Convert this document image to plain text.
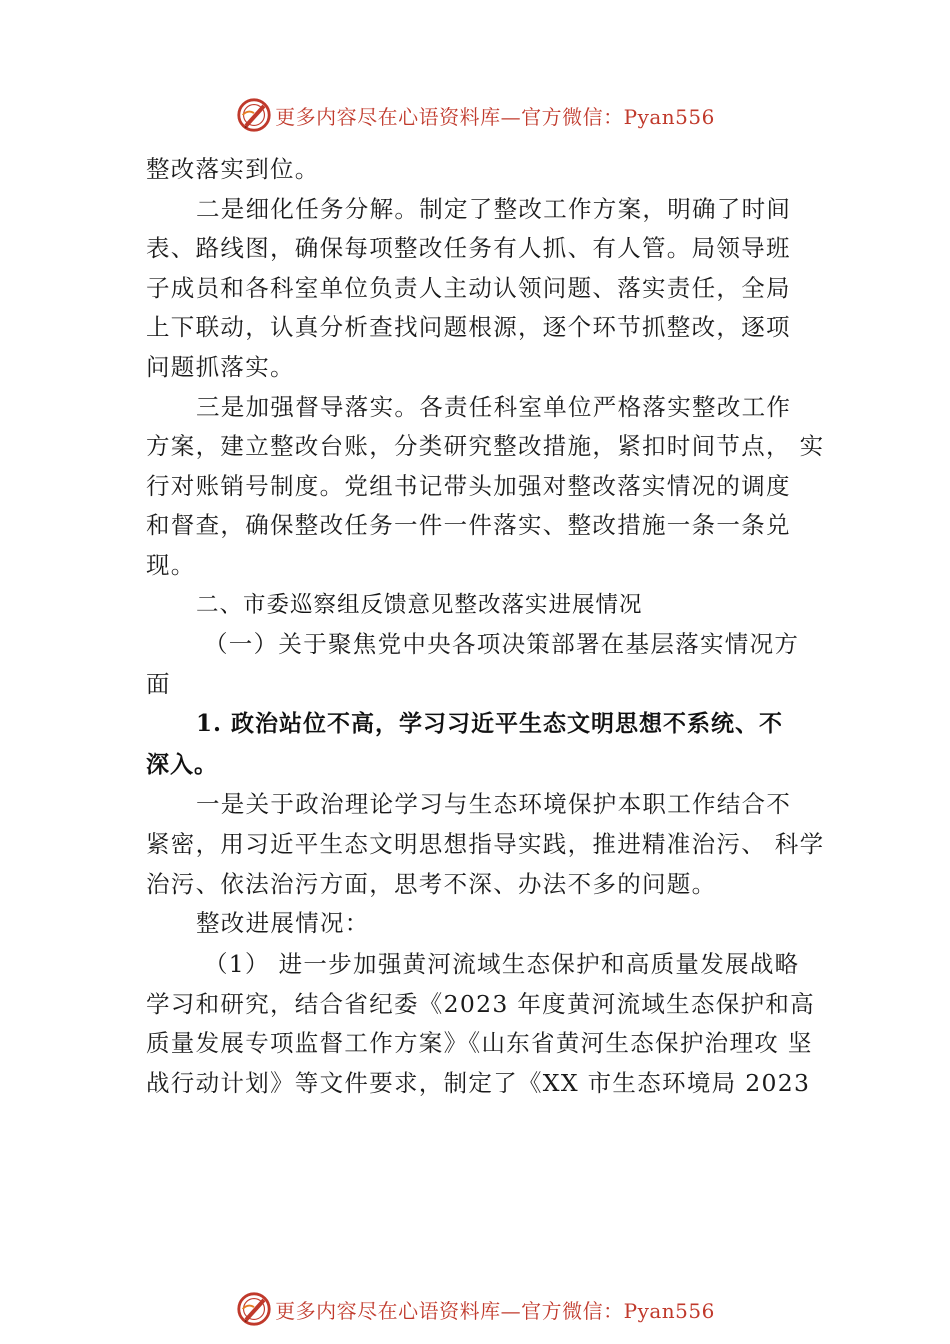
更多内容尽在心语资料库—官方微信：Pyan556
整改落实到位。
二是细化任务分解。制定了整改工作方案，明确了时间
表、路线图，确保每项整改任务有人抓、有人管。局领导班
子成员和各科室单位负责人主动认领问题、落实责任，全局
上下联动，认真分析查找问题根源，逐个环节抓整改，逐项
问题抓落实。
三是加强督导落实。各责任科室单位严格落实整改工作
方案，建立整改台账，分类研究整改措施，紧扣时间节点， 实
行对账销号制度。党组书记带头加强对整改落实情况的调度
和督查，确保整改任务一件一件落实、整改措施一条一条兑
现。
二、市委巡察组反馈意见整改落实进展情况
（一）关于聚焦党中央各项决策部署在基层落实情况方
面
1. 政治站位不高，学习习近平生态文明思想不系统、不
深入。
一是关于政治理论学习与生态环境保护本职工作结合不
紧密，用习近平生态文明思想指导实践，推进精准治污、 科学
治污、依法治污方面，思考不深、办法不多的问题。
整改进展情况：
（1） 进一步加强黄河流域生态保护和高质量发展战略
学习和研究，结合省纪委《2023 年度黄河流域生态保护和高
质量发展专项监督工作方案》《山东省黄河生态保护治理攻 坚
战行动计划》等文件要求，制定了《XX 市生态环境局 2023
更多内容尽在心语资料库—官方微信：Pyan556
